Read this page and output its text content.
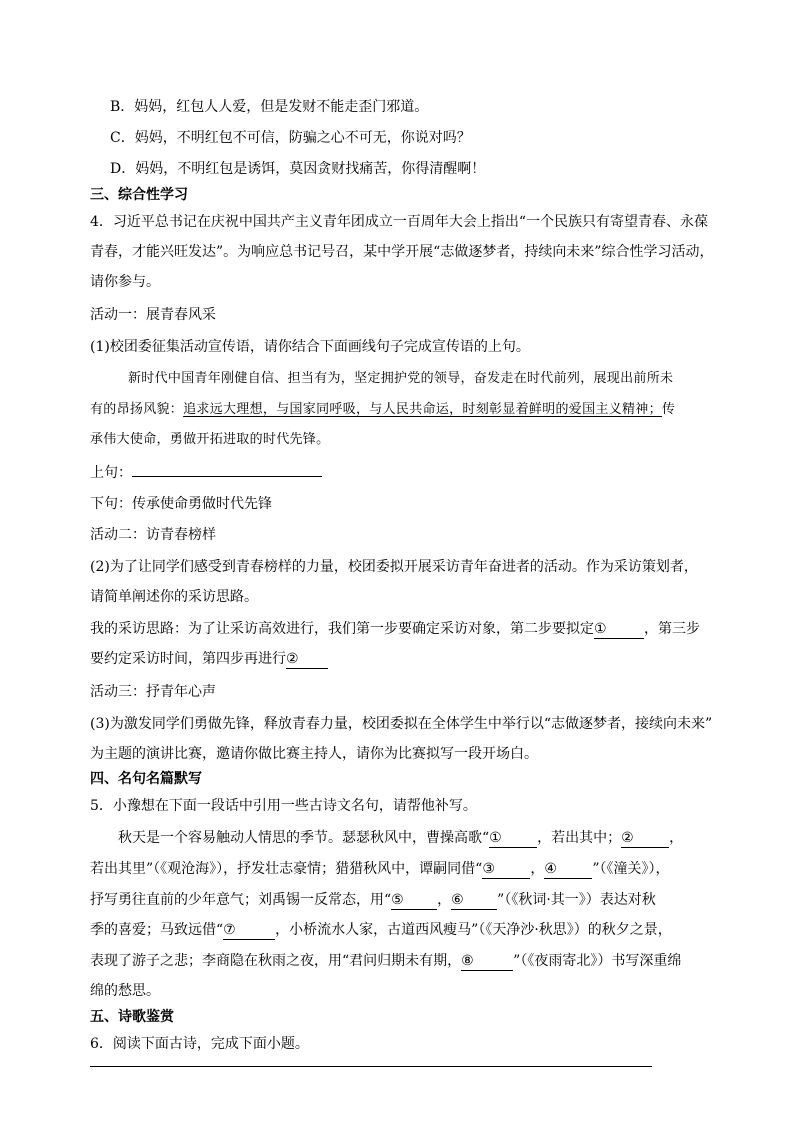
B．妈妈，红包人人爱，但是发财不能走歪门邪道。
C．妈妈，不明红包不可信，防骗之心不可无，你说对吗？
D．妈妈，不明红包是诱饵，莫因贪财找痛苦，你得清醒啊！
三、综合性学习
4．习近平总书记在庆祝中国共产主义青年团成立一百周年大会上指出“一个民族只有寄望青春、永葆
青春，才能兴旺发达”。为响应总书记号召，某中学开展“志做逐梦者，持续向未来”综合性学习活动，
请你参与。
活动一：展青春风采
(1)校团委征集活动宣传语，请你结合下面画线句子完成宣传语的上句。
新时代中国青年刚健自信、担当有为，坚定拥护党的领导，奋发走在时代前列，展现出前所未
有的昂扬风貌：追求远大理想，与国家同呼吸，与人民共命运，时刻彰显着鲜明的爱国主义精神；传
承伟大使命，勇做开拓进取的时代先锋。
上句：
下句：传承使命勇做时代先锋
活动二：访青春榜样
(2)为了让同学们感受到青春榜样的力量，校团委拟开展采访青年奋进者的活动。作为采访策划者，
请简单阐述你的采访思路。
我的采访思路：为了让采访高效进行，我们第一步要确定采访对象，第二步要拟定①	，第三步
要约定采访时间，第四步再进行②
活动三：抒青年心声
(3)为激发同学们勇做先锋，释放青春力量，校团委拟在全体学生中举行以“志做逐梦者，接续向未来”
为主题的演讲比赛，邀请你做比赛主持人，请你为比赛拟写一段开场白。
四、名句名篇默写
5．小豫想在下面一段话中引用一些古诗文名句，请帮他补写。
秋天是一个容易触动人情思的季节。瑟瑟秋风中，曹操高歌“①	，若出其中；②	，
若出其里”（《观沧海》），抒发壮志豪情；猎猎秋风中，谭嗣同借“③	，④	”（《潼关》），
抒写勇往直前的少年意气；刘禹锡一反常态，用“⑤ ，⑥ ”（《秋词·其一》）表达对秋
季的喜爱；马致远借“⑦	，小桥流水人家，古道西风瘦马”（《天净沙·秋思》）的秋夕之景，
表现了游子之悲；李商隐在秋雨之夜，用“君问归期未有期，⑧	”（《夜雨寄北》）书写深重绵
绵的愁思。
五、诗歌鉴赏
6．阅读下面古诗，完成下面小题。
